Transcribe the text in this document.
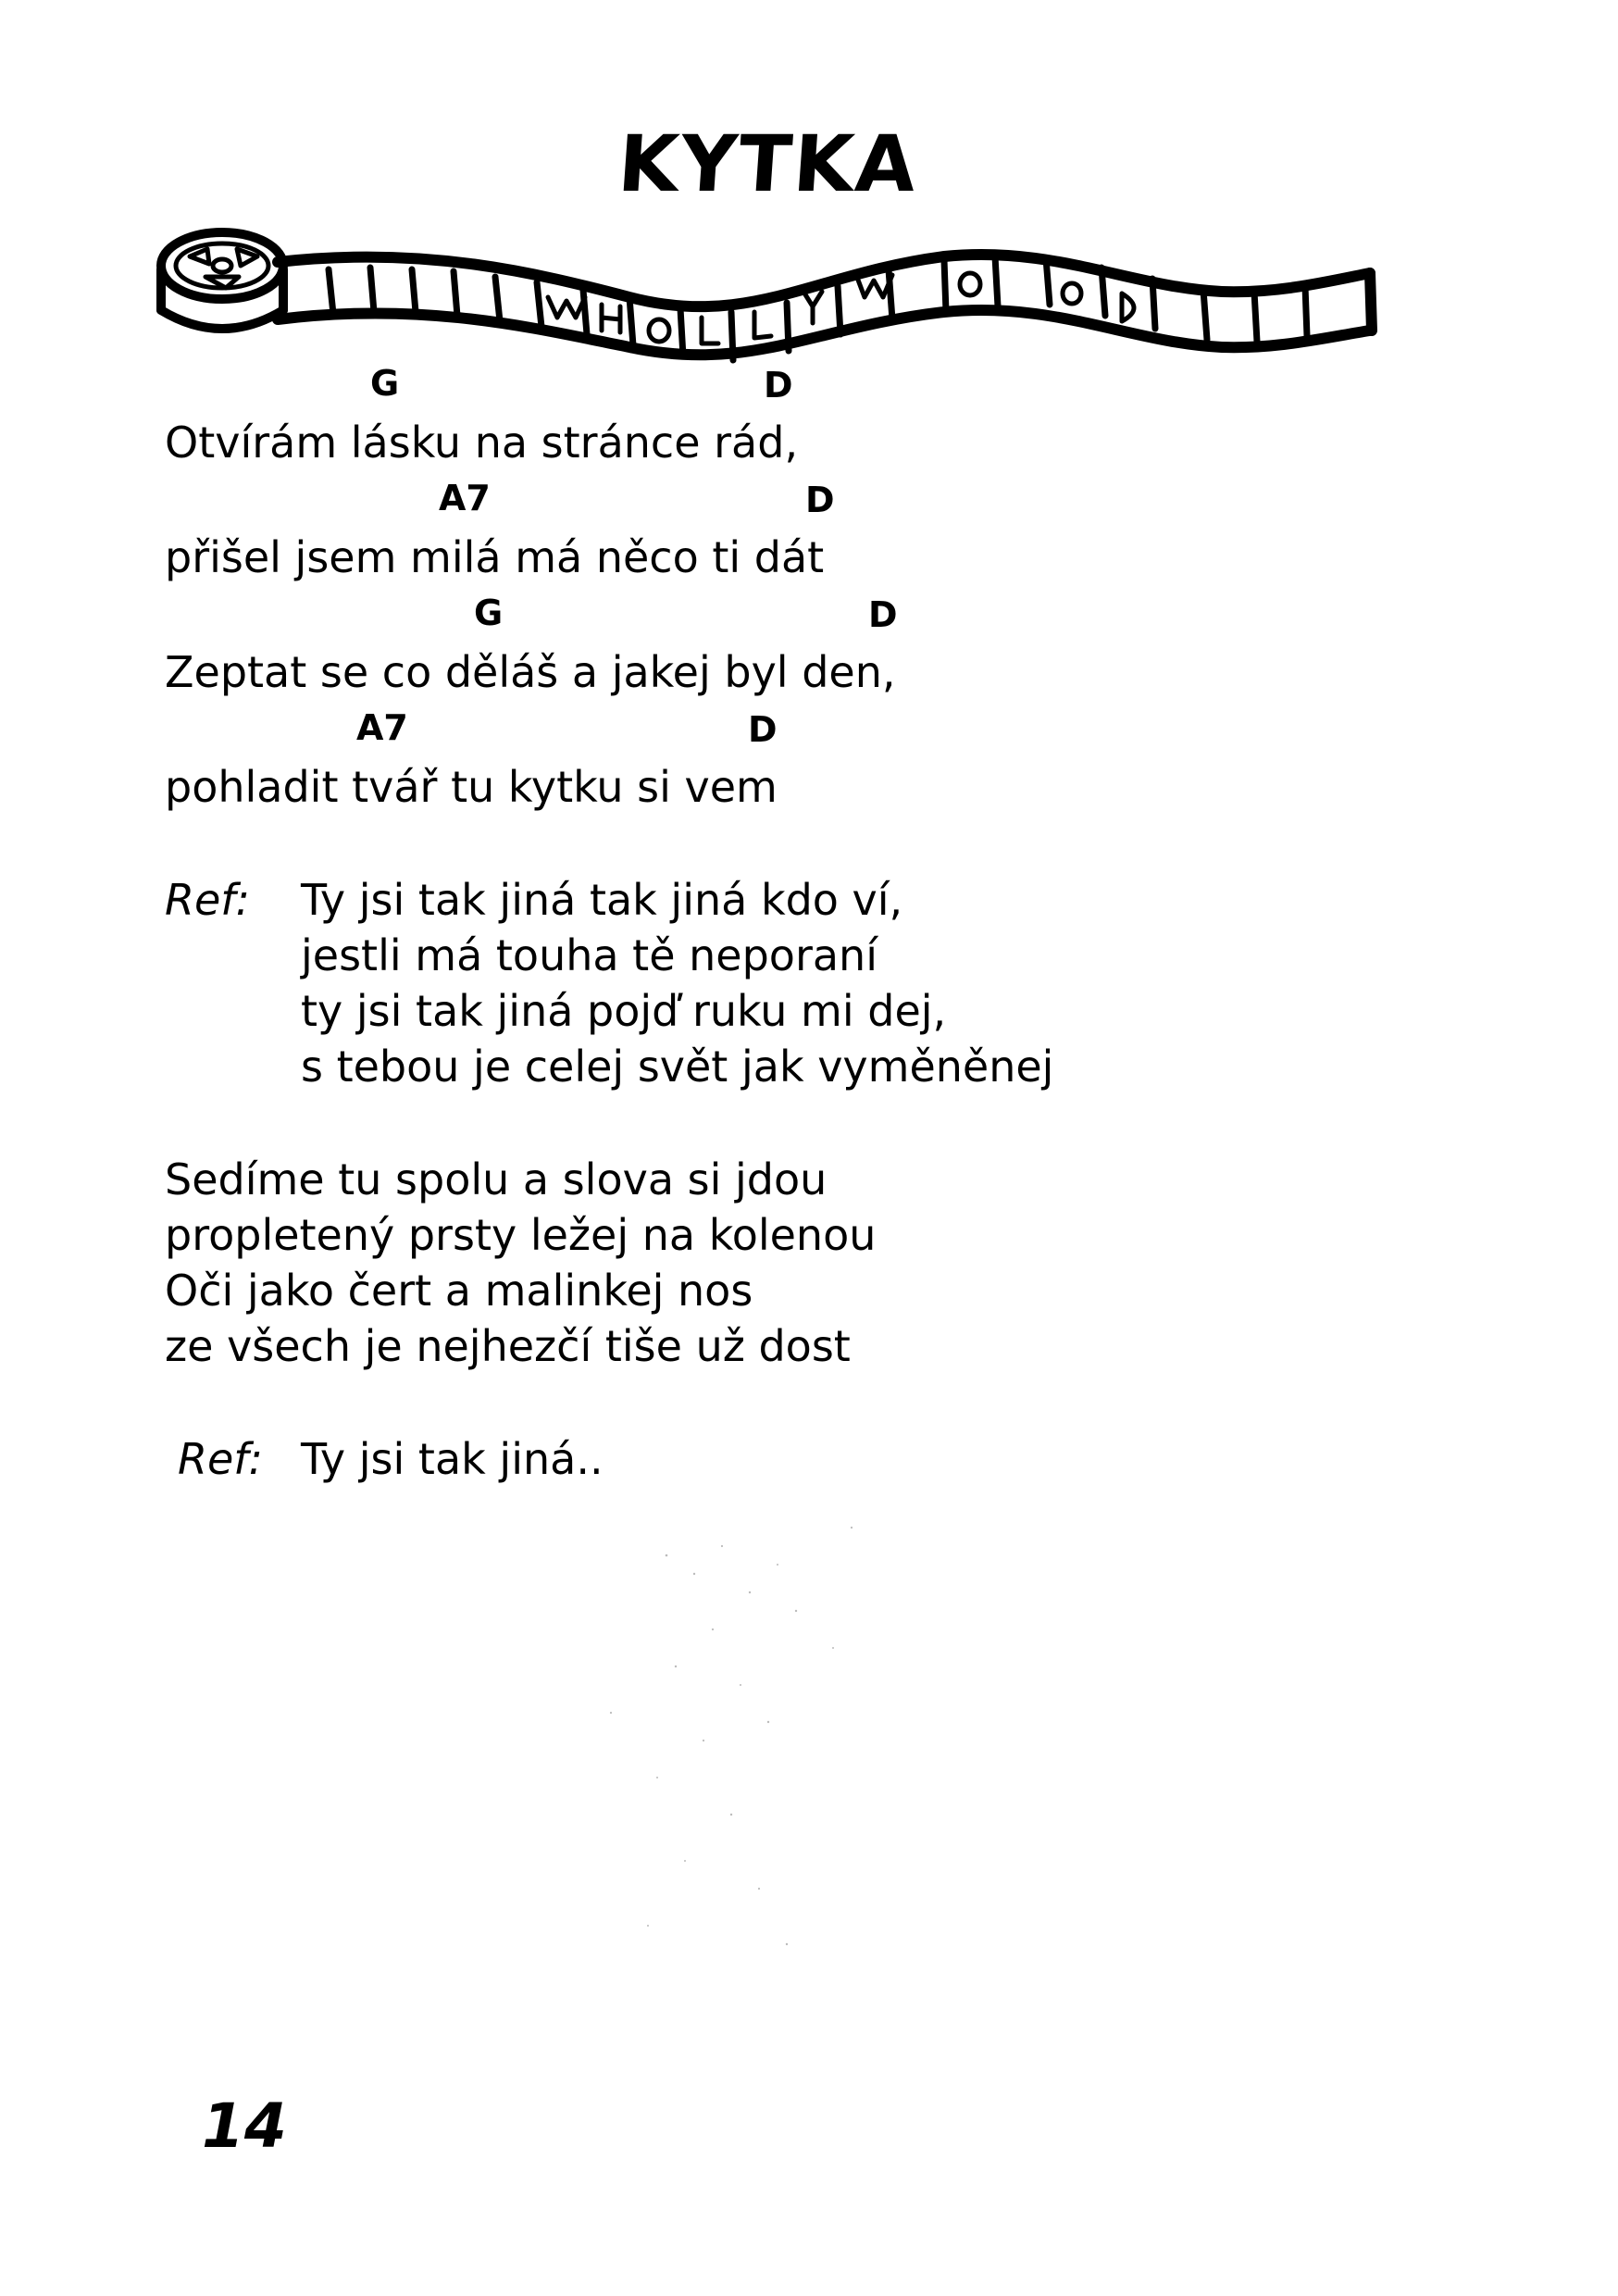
KYTKA
G	D
Otvírám lásku na stránce rád,
A7	D
přišel jsem milá má něco ti dát
G	D
Zeptat se co děláš a jakej byl den,
A7	D
pohladit tvář tu kytku si vem
Ref: Ty jsi tak jiná tak jiná kdo ví,
jestli má touha tě neporaní
ty jsi tak jiná pojď ruku mi dej,
s tebou je celej svět jak vyměněnej
Sedíme tu spolu a slova si jdou
propletený prsty ležej na kolenou
Oči jako čert a malinkej nos
ze všech je nejhezčí tiše už dost
Ref: Ty jsi tak jiná..
14
